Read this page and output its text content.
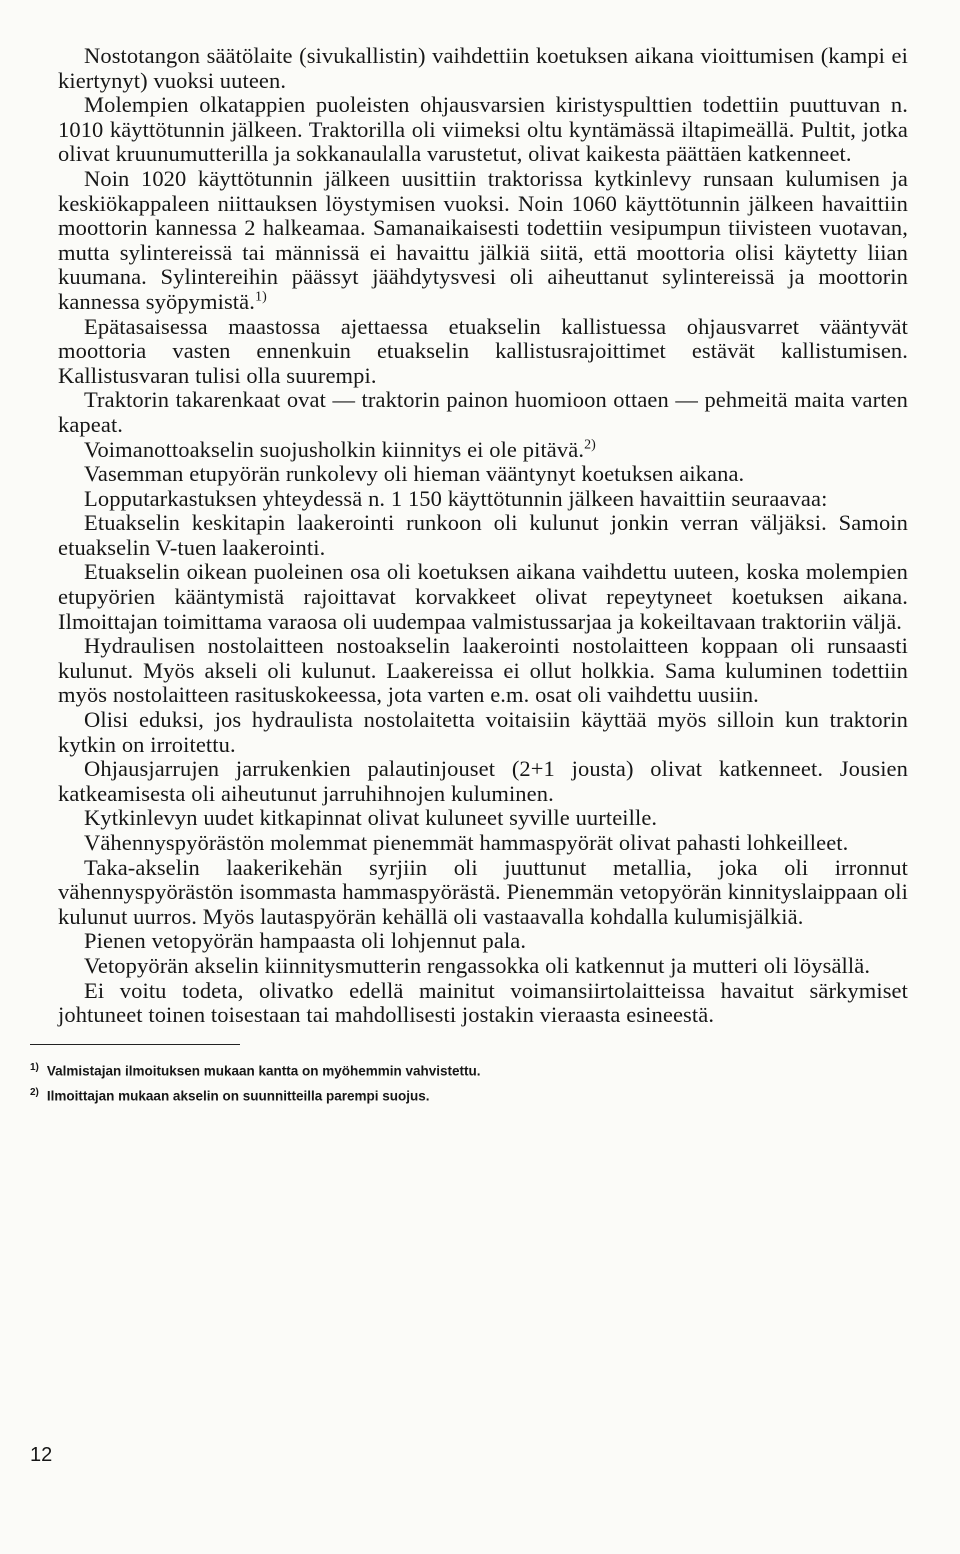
Nostotangon säätölaite (sivukallistin) vaihdettiin koetuksen aikana vioittumisen (kampi ei kiertynyt) vuoksi uuteen.

Molempien olkatappien puoleisten ohjausvarsien kiristyspulttien todettiin puuttuvan n. 1010 käyttötunnin jälkeen. Traktorilla oli viimeksi oltu kyntämässä iltapimeällä. Pultit, jotka olivat kruunumutterilla ja sokkanaulalla varustetut, olivat kaikesta päättäen katkenneet.

Noin 1020 käyttötunnin jälkeen uusittiin traktorissa kytkinlevy runsaan kulumisen ja keskiökappaleen niittauksen löystymisen vuoksi. Noin 1060 käyttötunnin jälkeen havaittiin moottorin kannessa 2 halkeamaa. Samanaikaisesti todettiin vesipumpun tiivisteen vuotavan, mutta sylintereissä tai männissä ei havaittu jälkiä siitä, että moottoria olisi käytetty liian kuumana. Sylintereihin päässyt jäähdytysvesi oli aiheuttanut sylintereissä ja moottorin kannessa syöpymistä.$^{1)}$

Epätasaisessa maastossa ajettaessa etuakselin kallistuessa ohjausvarret vääntyvät moottoria vasten ennenkuin etuakselin kallistusrajoittimet estävät kallistumisen. Kallistusvaran tulisi olla suurempi.

Traktorin takarenkaat ovat — traktorin painon huomioon ottaen — pehmeitä maita varten kapeat.

Voimanottoakselin suojusholkin kiinnitys ei ole pitävä.$^{2)}$

Vasemman etupyörän runkolevy oli hieman vääntynyt koetuksen aikana.

Lopputarkastuksen yhteydessä n. 1 150 käyttötunnin jälkeen havaittiin seuraavaa:

Etuakselin keskitapin laakerointi runkoon oli kulunut jonkin verran väljäksi. Samoin etuakselin V-tuen laakerointi.

Etuakselin oikean puoleinen osa oli koetuksen aikana vaihdettu uuteen, koska molempien etupyörien kääntymistä rajoittavat korvakkeet olivat repeytyneet koetuksen aikana. Ilmoittajan toimittama varaosa oli uudempaa valmistussarjaa ja kokeiltavaan traktoriin väljä.

Hydraulisen nostolaitteen nostoakselin laakerointi nostolaitteen koppaan oli runsaasti kulunut. Myös akseli oli kulunut. Laakereissa ei ollut holkkia. Sama kuluminen todettiin myös nostolaitteen rasituskokeessa, jota varten e.m. osat oli vaihdettu uusiin.

Olisi eduksi, jos hydraulista nostolaitetta voitaisiin käyttää myös silloin kun traktorin kytkin on irroitettu.

Ohjausjarrujen jarrukenkien palautinjouset (2+1 jousta) olivat katkenneet. Jousien katkeamisesta oli aiheutunut jarruhihnojen kuluminen.

Kytkinlevyn uudet kitkapinnat olivat kuluneet syville uurteille.

Vähennyspyörästön molemmat pienemmät hammaspyörät olivat pahasti lohkeilleet.

Taka-akselin laakerikehän syrjiin oli juuttunut metallia, joka oli irronnut vähennyspyörästön isommasta hammaspyörästä. Pienemmän vetopyörän kinnityslaippaan oli kulunut uurros. Myös lautaspyörän kehällä oli vastaavalla kohdalla kulumisjälkiä.

Pienen vetopyörän hampaasta oli lohjennut pala.

Vetopyörän akselin kiinnitysmutterin rengassokka oli katkennut ja mutteri oli löysällä.

Ei voitu todeta, olivatko edellä mainitut voimansiirtolaitteissa havaitut särkymiset johtuneet toinen toisestaan tai mahdollisesti jostakin vieraasta esineestä.

$^{1)}$ Valmistajan ilmoituksen mukaan kantta on myöhemmin vahvistettu.

$^{2)}$ Ilmoittajan mukaan akselin on suunnitteilla parempi suojus.

12
